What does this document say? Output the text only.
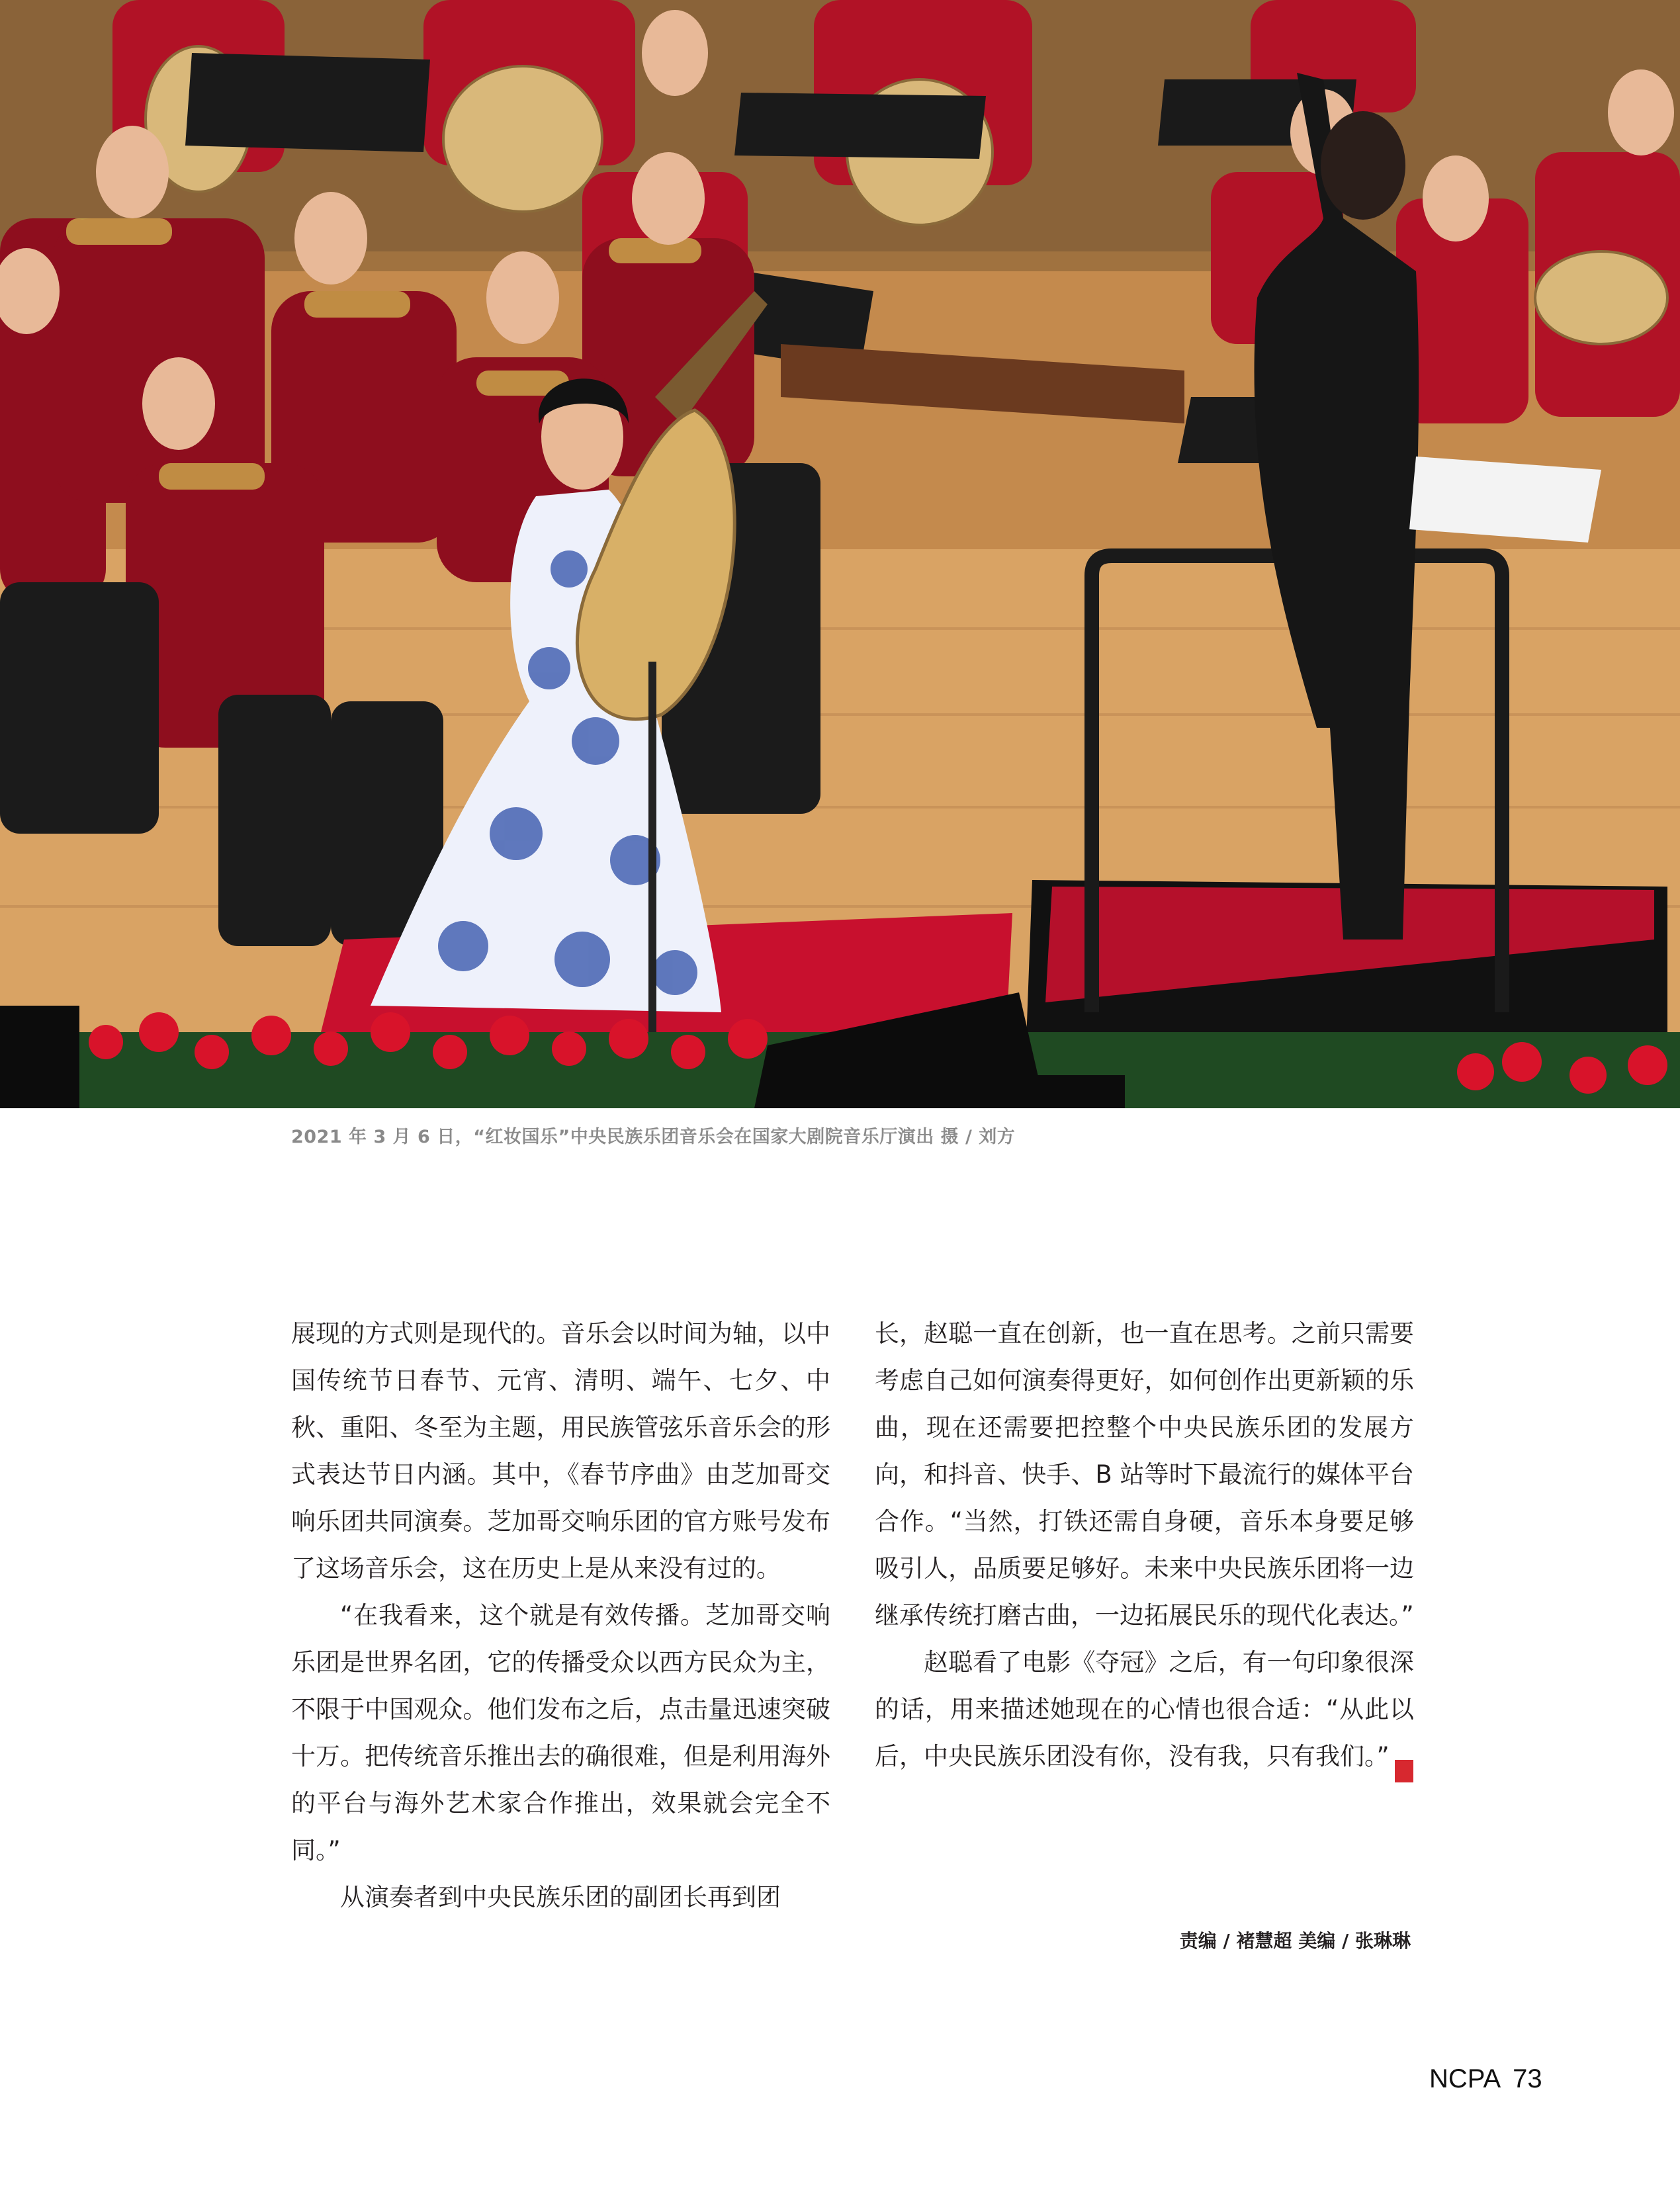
2021 年 3 月 6 日，“红妆国乐”中央民族乐团音乐会在国家大剧院音乐厅演出 摄 / 刘方

展现的方式则是现代的。音乐会以时间为轴，以中国传统节日春节、元宵、清明、端午、七夕、中秋、重阳、冬至为主题，用民族管弦乐音乐会的形式表达节日内涵。其中，《春节序曲》由芝加哥交响乐团共同演奏。芝加哥交响乐团的官方账号发布了这场音乐会，这在历史上是从来没有过的。

“在我看来，这个就是有效传播。芝加哥交响乐团是世界名团，它的传播受众以西方民众为主，不限于中国观众。他们发布之后，点击量迅速突破十万。把传统音乐推出去的确很难，但是利用海外的平台与海外艺术家合作推出，效果就会完全不同。”

从演奏者到中央民族乐团的副团长再到团

长，赵聪一直在创新，也一直在思考。之前只需要考虑自己如何演奏得更好，如何创作出更新颖的乐曲，现在还需要把控整个中央民族乐团的发展方向，和抖音、快手、B 站等时下最流行的媒体平台合作。“当然，打铁还需自身硬，音乐本身要足够吸引人，品质要足够好。未来中央民族乐团将一边继承传统打磨古曲，一边拓展民乐的现代化表达。”

赵聪看了电影《夺冠》之后，有一句印象很深的话，用来描述她现在的心情也很合适：“从此以后，中央民族乐团没有你，没有我，只有我们。”	NCPA

责编 / 褚慧超 美编 / 张琳琳
NCPA 73
